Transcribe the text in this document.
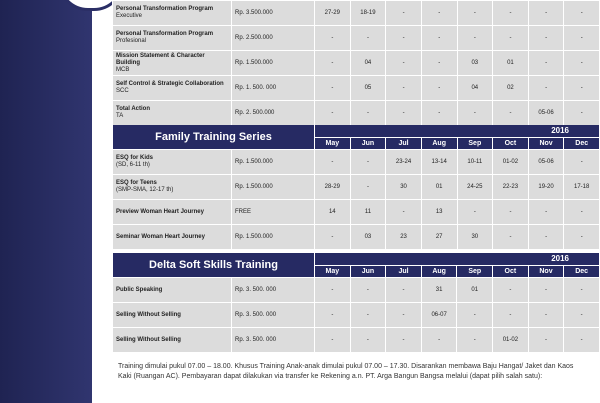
Personal Transformation Program
Executive	Rp. 3.500.000	27-29	18-19	-	-	-	-	-	-

Personal Transformation Program
Profesional	Rp. 2.500.000	-	-	-	-	-	-	-	-

Mission Statement & Character Building
MCB	Rp. 1.500.000	-	04	-	-	03	01	-	-

Self Control & Strategic Collaboration
SCC	Rp. 1. 500. 000	-	05	-	-	04	02	-	-

Total Action
TA	Rp. 2. 500.000	-	-	-	-	-	-	05-06	-
Family Training Series		2016							
		May	Jun	Jul	Aug	Sep	Oct	Nov	Dec

ESQ for Kids
(SD, 6-11 th)	Rp. 1.500.000	-	-	23-24	13-14	10-11	01-02	05-06	-

ESQ for Teens
(SMP-SMA, 12-17 th)	Rp. 1.500.000	28-29	-	30	01	24-25	22-23	19-20	17-18

Preview Woman Heart Journey	FREE	14	11	-	13	-	-	-	-

Seminar Woman Heart Journey	Rp. 1.500.000	-	03	23	27	30	-	-	-
Delta Soft Skills Training		2016							
		May	Jun	Jul	Aug	Sep	Oct	Nov	Dec

Public Speaking	Rp. 3. 500. 000	-	-	-	31	01	-	-	-

Selling Without Selling	Rp. 3. 500. 000	-	-	-	06-07	-	-	-	-

Selling Without Selling	Rp. 3. 500. 000	-	-	-	-	-	01-02	-	-
Training dimulai pukul 07.00 – 18.00. Khusus Training Anak-anak dimulai pukul 07.00 – 17.30. Disarankan membawa Baju Hangat/ Jaket dan Kaos Kaki (Ruangan AC). Pembayaran dapat dilakukan via transfer ke Rekening a.n. PT. Arga Bangun Bangsa melalui (dapat pilih salah satu):
